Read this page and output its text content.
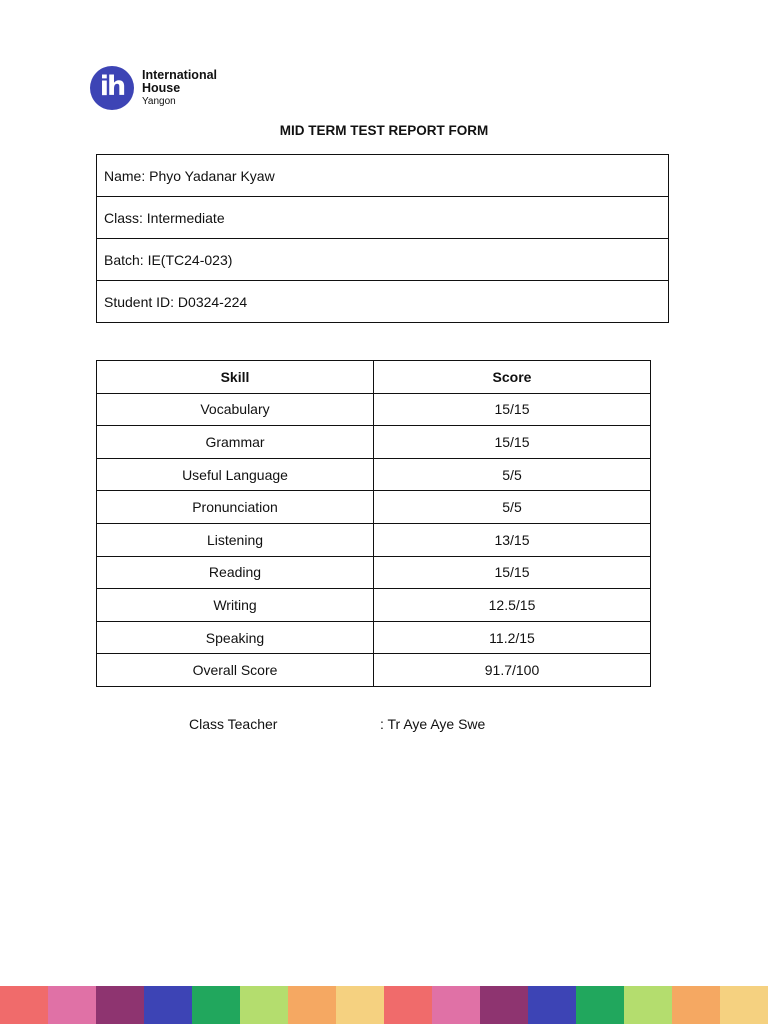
ih	International
House
Yangon
MID TERM TEST REPORT FORM
Name: Phyo Yadanar Kyaw
Class: Intermediate
Batch: IE(TC24-023)
Student ID: D0324-224
Skill	Score
Vocabulary	15/15
Grammar	15/15
Useful Language	5/5
Pronunciation	5/5
Listening	13/15
Reading	15/15
Writing	12.5/15
Speaking	11.2/15
Overall Score	91.7/100
Class Teacher	: Tr Aye Aye Swe
